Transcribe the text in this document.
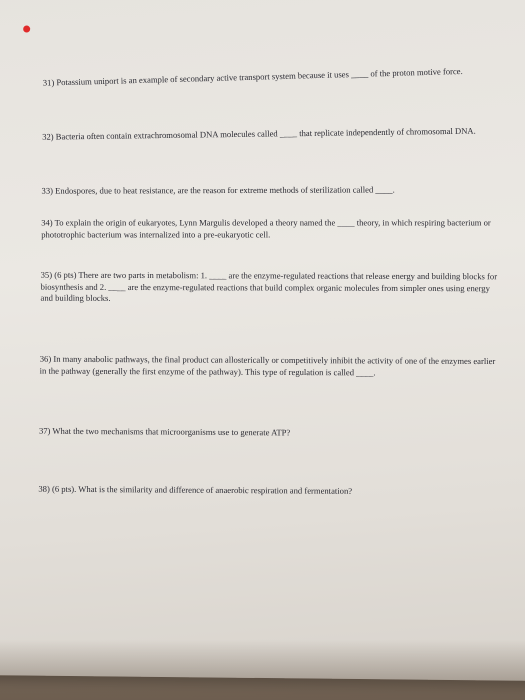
31) Potassium uniport is an example of secondary active transport system because it uses ____ of the proton motive force.
32) Bacteria often contain extrachromosomal DNA molecules called ____ that replicate independently of chromosomal DNA.
33) Endospores, due to heat resistance, are the reason for extreme methods of sterilization called ____.
34) To explain the origin of eukaryotes, Lynn Margulis developed a theory named the ____ theory, in which respiring bacterium or phototrophic bacterium was internalized into a pre-eukaryotic cell.
35) (6 pts) There are two parts in metabolism: 1. ____ are the enzyme-regulated reactions that release energy and building blocks for biosynthesis and 2. ____ are the enzyme-regulated reactions that build complex organic molecules from simpler ones using energy and building blocks.
36) In many anabolic pathways, the final product can allosterically or competitively inhibit the activity of one of the enzymes earlier in the pathway (generally the first enzyme of the pathway). This type of regulation is called ____.
37) What the two mechanisms that microorganisms use to generate ATP?
38) (6 pts). What is the similarity and difference of anaerobic respiration and fermentation?
